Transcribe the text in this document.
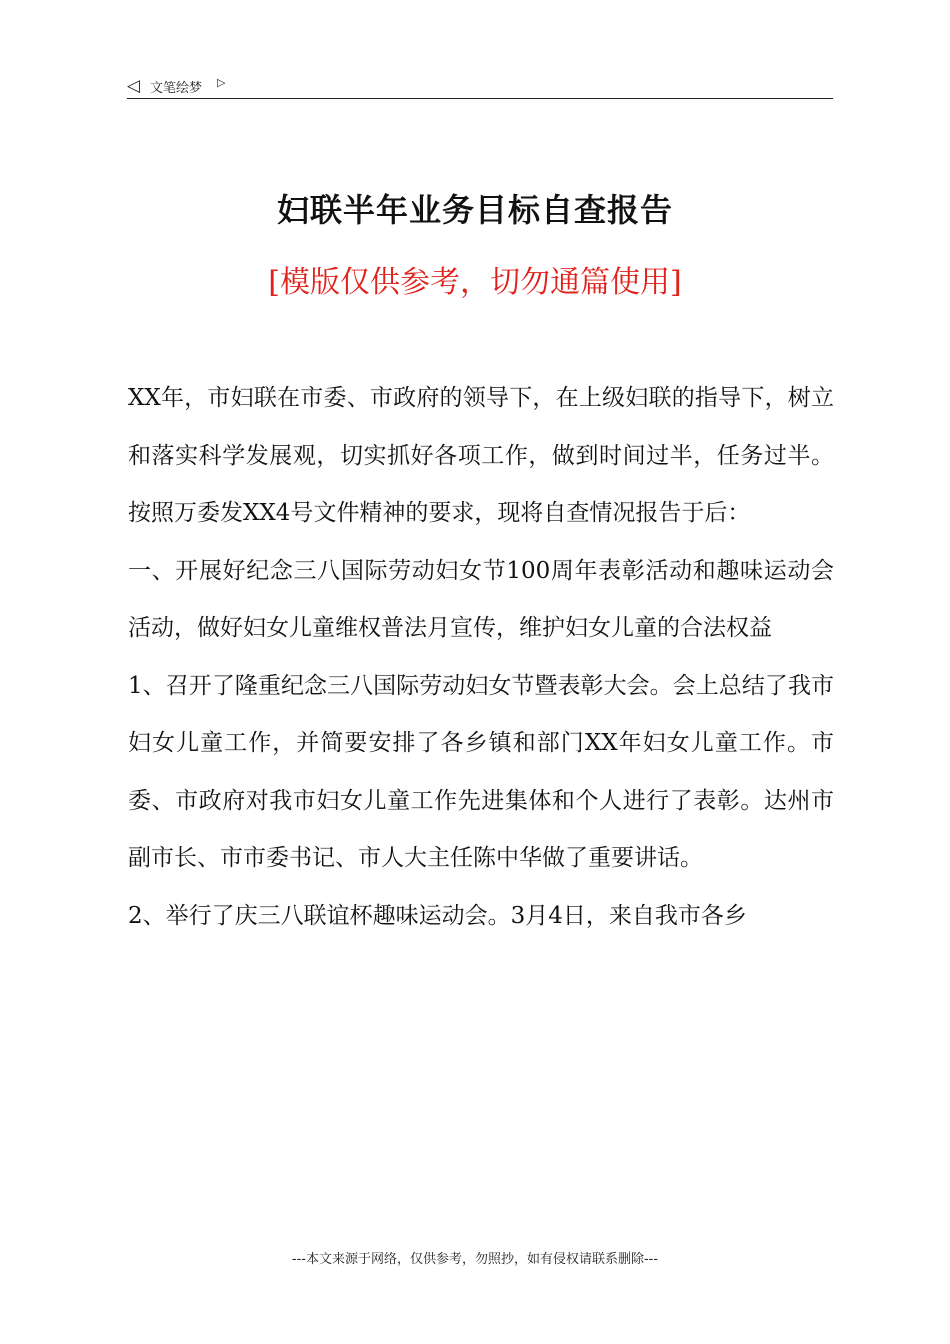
◁ 文笔绘梦 ▷
妇联半年业务目标自查报告
[模版仅供参考，切勿通篇使用]

XX年，市妇联在市委、市政府的领导下，在上级妇联的指导下，树立和落实科学发展观，切实抓好各项工作，做到时间过半，任务过半。按照万委发XX4号文件精神的要求，现将自查情况报告于后：

一、开展好纪念三八国际劳动妇女节100周年表彰活动和趣味运动会活动，做好妇女儿童维权普法月宣传，维护妇女儿童的合法权益

1、召开了隆重纪念三八国际劳动妇女节暨表彰大会。会上总结了我市妇女儿童工作，并简要安排了各乡镇和部门XX年妇女儿童工作。市委、市政府对我市妇女儿童工作先进集体和个人进行了表彰。达州市副市长、市市委书记、市人大主任陈中华做了重要讲话。

2、举行了庆三八联谊杯趣味运动会。3月4日，来自我市各乡

---本文来源于网络，仅供参考，勿照抄，如有侵权请联系删除---
